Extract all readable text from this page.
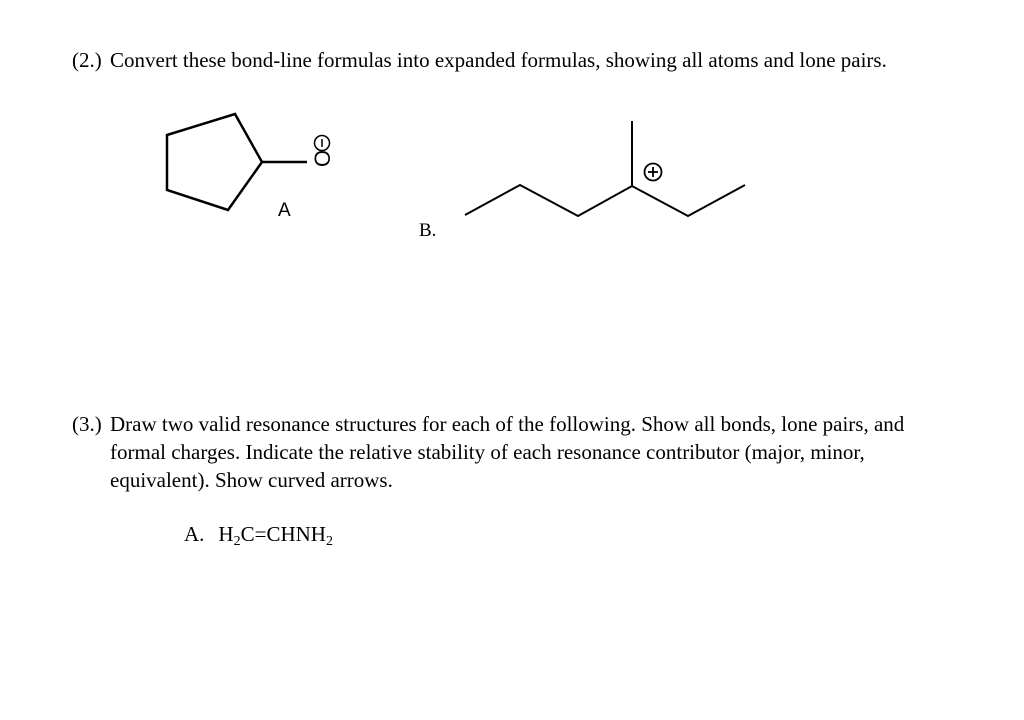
(2.) Convert these bond-line formulas into expanded formulas, showing all atoms and lone pairs.
O
A
B.
(3.) Draw two valid resonance structures for each of the following. Show all bonds, lone pairs, and formal charges. Indicate the relative stability of each resonance contributor (major, minor, equivalent). Show curved arrows.
A. $H_2C=CHNH_2$
